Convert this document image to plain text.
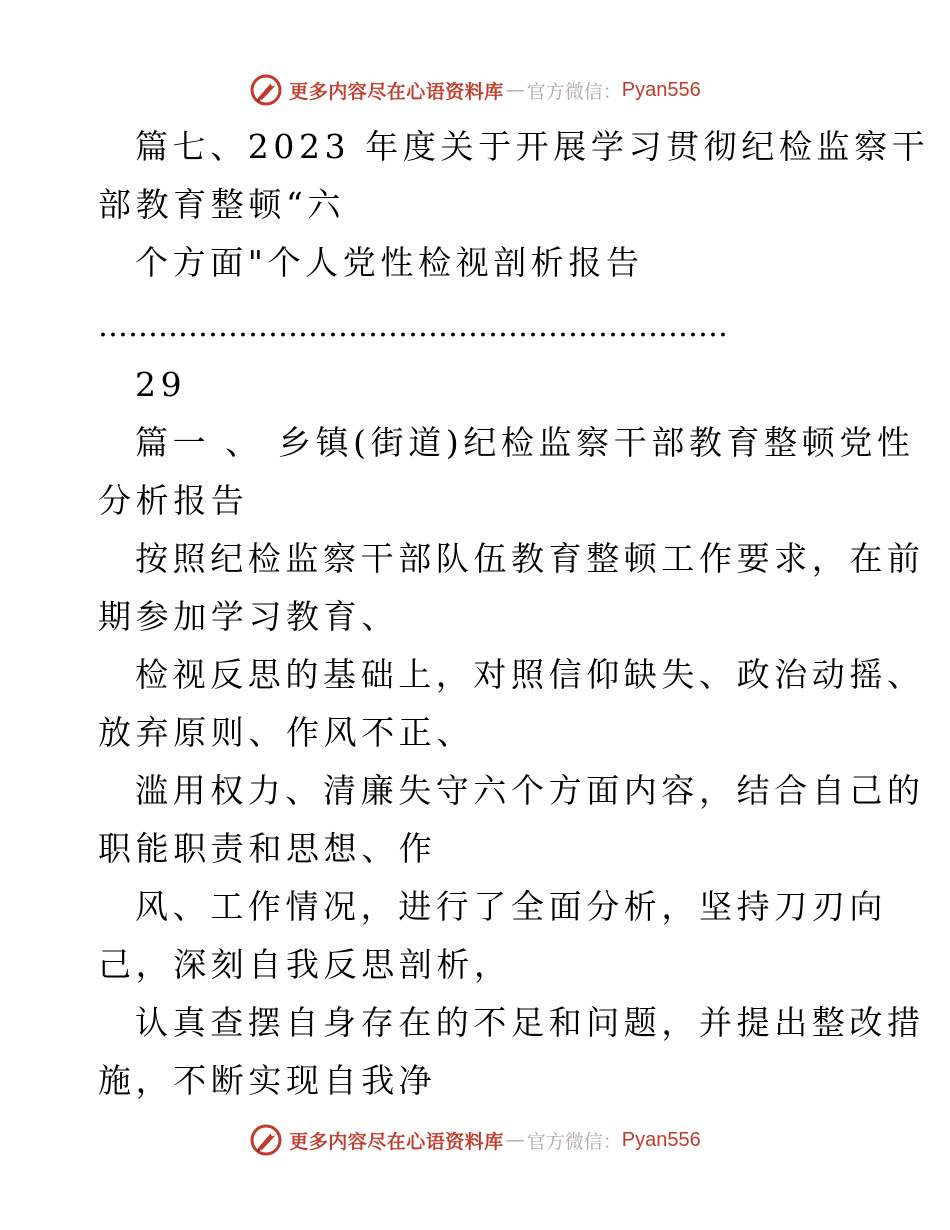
更多内容尽在心语资料库 — 官方微信： Pyan556
篇七、2023 年度关于开展学习贯彻纪检监察干
部教育整顿“六
个方面"个人党性检视剖析报告
………………………………………………………
29
篇一 、 乡镇(街道)纪检监察干部教育整顿党性
分析报告
按照纪检监察干部队伍教育整顿工作要求，在前
期参加学习教育、
检视反思的基础上，对照信仰缺失、政治动摇、
放弃原则、作风不正、
滥用权力、清廉失守六个方面内容，结合自己的
职能职责和思想、作
风、工作情况，进行了全面分析，坚持刀刃向
己，深刻自我反思剖析，
认真查摆自身存在的不足和问题，并提出整改措
施，不断实现自我净
更多内容尽在心语资料库 — 官方微信： Pyan556
